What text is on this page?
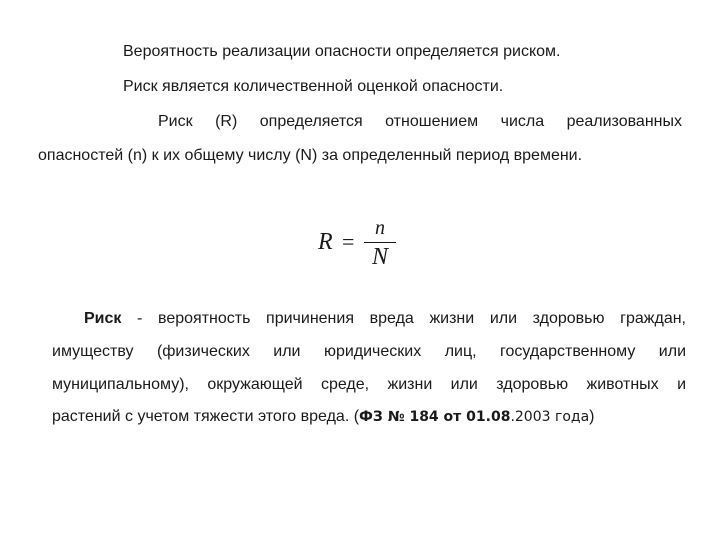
Вероятность реализации опасности определяется риском.
Риск является количественной оценкой опасности.
Риск (R) определяется отношением числа реализованных
опасностей (n) к их общему числу (N) за определенный период времени.
R =
n
N
Риск - вероятность причинения вреда жизни или здоровью граждан,
имуществу (физических или юридических лиц, государственному или
муниципальному), окружающей среде, жизни или здоровью животных и
растений с учетом тяжести этого вреда. (ФЗ № 184 от 01.08.2003 года)
